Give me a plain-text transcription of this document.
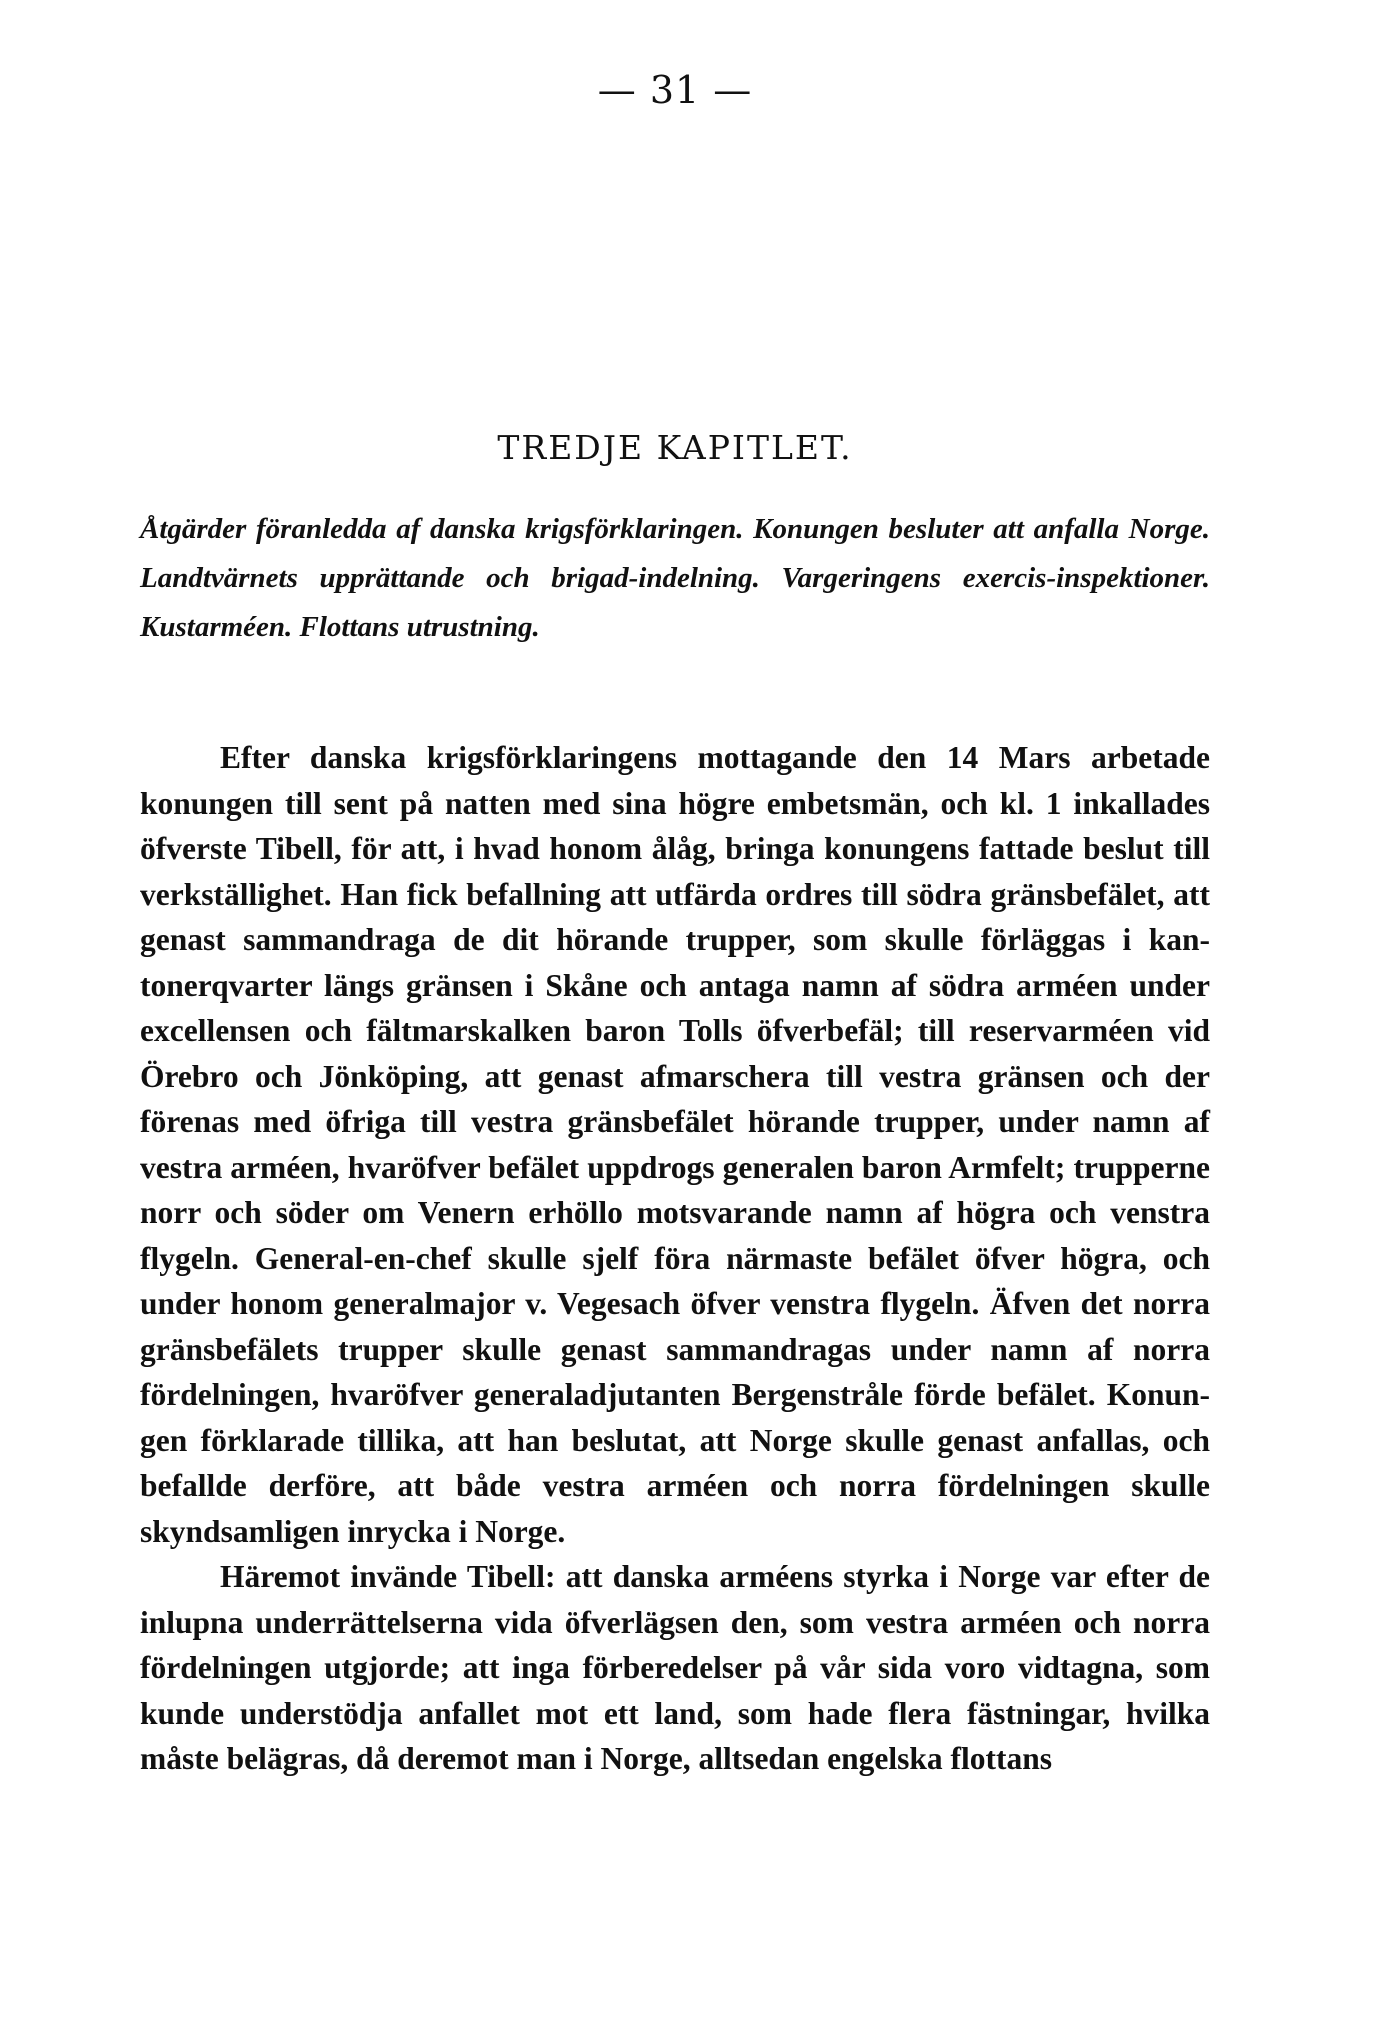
— 31 —
TREDJE KAPITLET.
Åtgärder föranledda af danska krigsförklaringen. Konungen besluter att anfalla Norge. Landtvärnets upprättande och brigad-indelning. Vargeringens exercis-inspektioner. Kustarméen. Flottans utrustning.

Efter danska krigsförklaringens mottagande den 14 Mars arbetade konungen till sent på natten med sina högre embetsmän, och kl. 1 inkallades öfverste Tibell, för att, i hvad honom ålåg, bringa konungens fattade beslut till verkställighet. Han fick befallning att utfärda ordres till södra gränsbefälet, att genast sammandraga de dit hörande trupper, som skulle förläggas i kantonerqvarter längs gränsen i Skåne och antaga namn af södra arméen under excellensen och fältmarskalken baron Tolls öfverbefäl; till reservarméen vid Örebro och Jönköping, att genast afmarschera till vestra gränsen och der förenas med öfriga till vestra gränsbefälet hörande trupper, under namn af vestra arméen, hvaröfver befälet uppdrogs generalen baron Armfelt; trupperne norr och söder om Venern erhöllo motsvarande namn af högra och venstra flygeln. General-en-chef skulle sjelf föra närmaste befälet öfver högra, och under honom generalmajor v. Vegesach öfver venstra flygeln. Äfven det norra gränsbefälets trupper skulle genast sammandragas under namn af norra fördelningen, hvaröfver generaladjutanten Bergenstråle förde befälet. Konungen förklarade tillika, att han beslutat, att Norge skulle genast anfallas, och befallde derföre, att både vestra arméen och norra fördelningen skulle skyndsamligen inrycka i Norge.

Häremot invände Tibell: att danska arméens styrka i Norge var efter de inlupna underrättelserna vida öfverlägsen den, som vestra arméen och norra fördelningen utgjorde; att inga förberedelser på vår sida voro vidtagna, som kunde understödja anfallet mot ett land, som hade flera fästningar, hvilka måste belägras, då deremot man i Norge, alltsedan engelska flottans
